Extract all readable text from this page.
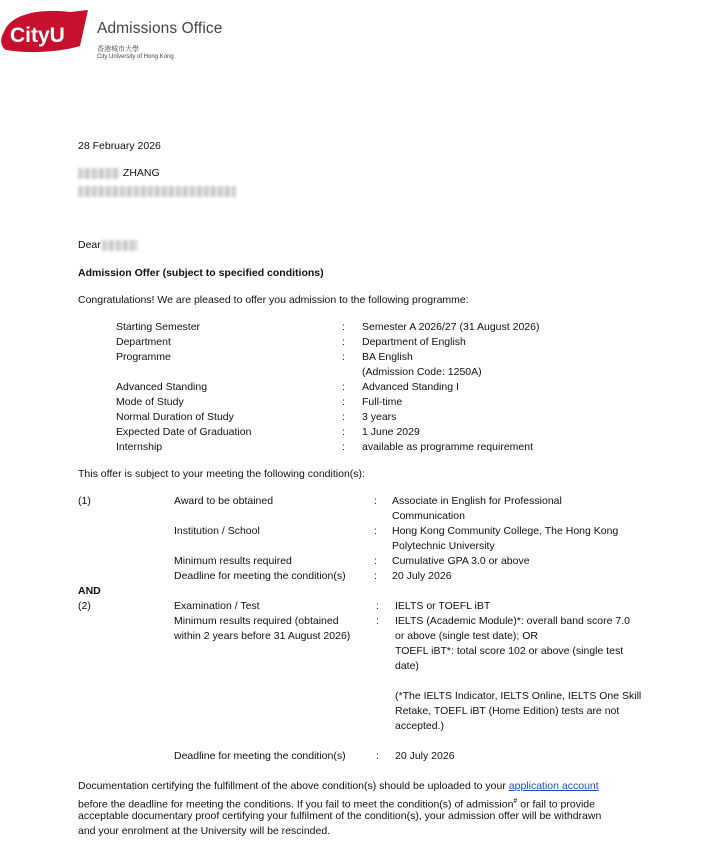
CityU Admissions Office
香港城市大學
City University of Hong Kong
28 February 2026
ZHANG
Dear
Admission Offer (subject to specified conditions)
Congratulations! We are pleased to offer you admission to the following programme:
Starting Semester	: Semester A 2026/27 (31 August 2026)
Department	: Department of English
Programme	: BA English
(Admission Code: 1250A)
Advanced Standing	: Advanced Standing I
Mode of Study	: Full-time
Normal Duration of Study	: 3 years
Expected Date of Graduation	: 1 June 2029
Internship	: available as programme requirement
This offer is subject to your meeting the following condition(s):
(1)	Award to be obtained	: Associate in English for Professional
Communication
Institution / School	: Hong Kong Community College, The Hong Kong
Polytechnic University
Minimum results required	: Cumulative GPA 3.0 or above
Deadline for meeting the condition(s)	: 20 July 2026
AND
(2)	Examination / Test	: IELTS or TOEFL iBT
Minimum results required (obtained
within 2 years before 31 August 2026)
: IELTS (Academic Module)*: overall band score 7.0
or above (single test date); OR
TOEFL iBT*: total score 102 or above (single test
date)
(*The IELTS Indicator, IELTS Online, IELTS One Skill
Retake, TOEFL iBT (Home Edition) tests are not
accepted.)
Deadline for meeting the condition(s)	: 20 July 2026
Documentation certifying the fulfillment of the above condition(s) should be uploaded to your application account
before the deadline for meeting the conditions. If you fail to meet the condition(s) of admission# or fail to provide
acceptable documentary proof certifying your fulfilment of the condition(s), your admission offer will be withdrawn
and your enrolment at the University will be rescinded.
